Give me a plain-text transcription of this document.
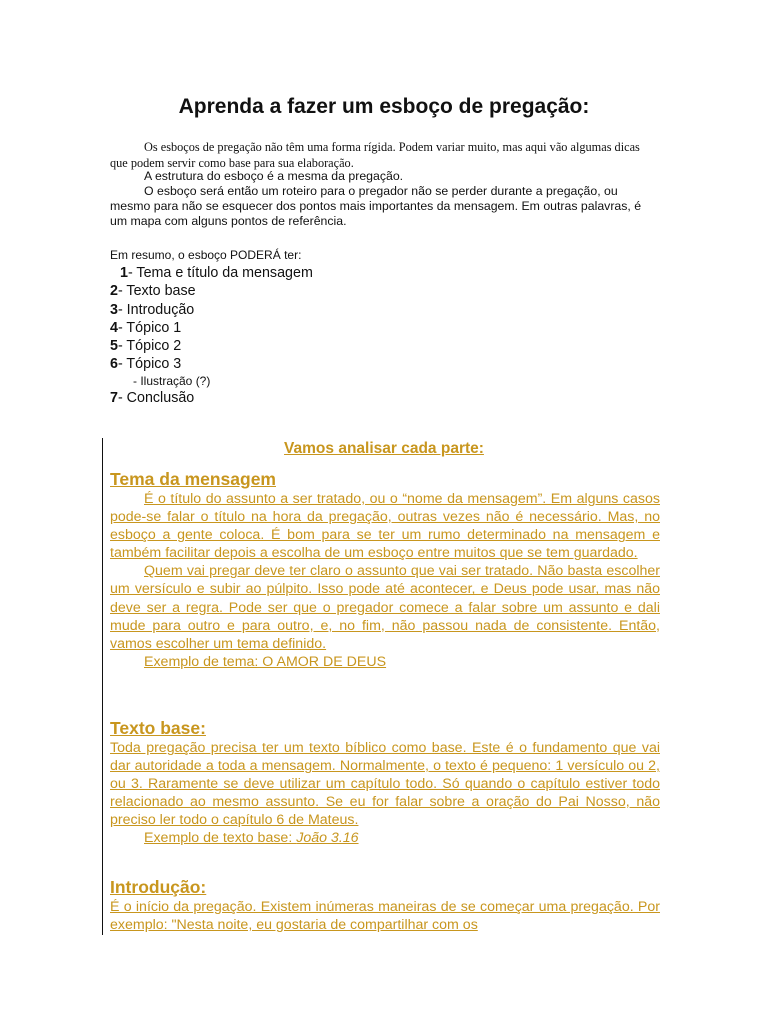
Aprenda a fazer um esboço de pregação:
Os esboços de pregação não têm uma forma rígida. Podem variar muito, mas aqui vão algumas dicas que podem servir como base para sua elaboração.
A estrutura do esboço é a mesma da pregação.
O esboço será então um roteiro para o pregador não se perder durante a pregação, ou mesmo para não se esquecer dos pontos mais importantes da mensagem. Em outras palavras, é um mapa com alguns pontos de referência.
Em resumo, o esboço PODERÁ ter:
1- Tema e título da mensagem
2- Texto base
3- Introdução
4- Tópico 1
5- Tópico 2
6- Tópico 3
- Ilustração (?)
7- Conclusão
Vamos analisar cada parte:
Tema da mensagem

É o título do assunto a ser tratado, ou o “nome da mensagem”. Em alguns casos pode-se falar o título na hora da pregação, outras vezes não é necessário. Mas, no esboço a gente coloca. É bom para se ter um rumo determinado na mensagem e também facilitar depois a escolha de um esboço entre muitos que se tem guardado.

Quem vai pregar deve ter claro o assunto que vai ser tratado. Não basta escolher um versículo e subir ao púlpito. Isso pode até acontecer, e Deus pode usar, mas não deve ser a regra. Pode ser que o pregador comece a falar sobre um assunto e dali mude para outro e para outro, e, no fim, não passou nada de consistente. Então, vamos escolher um tema definido.

Exemplo de tema: O AMOR DE DEUS

Texto base:

Toda pregação precisa ter um texto bíblico como base. Este é o fundamento que vai dar autoridade a toda a mensagem. Normalmente, o texto é pequeno: 1 versículo ou 2, ou 3. Raramente se deve utilizar um capítulo todo. Só quando o capítulo estiver todo relacionado ao mesmo assunto. Se eu for falar sobre a oração do Pai Nosso, não preciso ler todo o capítulo 6 de Mateus.

Exemplo de texto base: João 3.16

Introdução:

É o início da pregação. Existem inúmeras maneiras de se começar uma pregação. Por exemplo: "Nesta noite, eu gostaria de compartilhar com os
